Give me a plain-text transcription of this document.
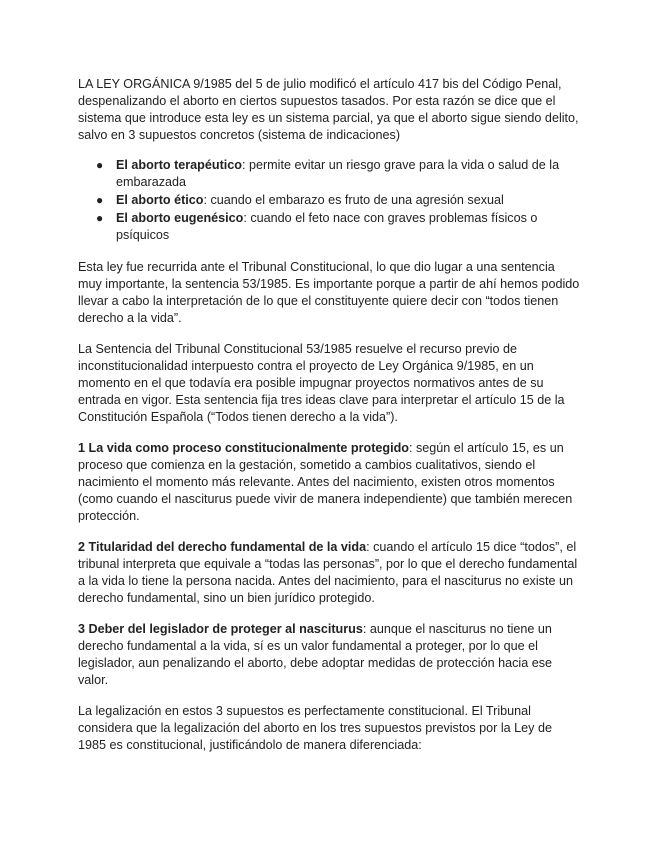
LA LEY ORGÁNICA 9/1985 del 5 de julio modificó el artículo 417 bis del Código Penal, despenalizando el aborto en ciertos supuestos tasados. Por esta razón se dice que el sistema que introduce esta ley es un sistema parcial, ya que el aborto sigue siendo delito, salvo en 3 supuestos concretos (sistema de indicaciones)

● El aborto terapéutico: permite evitar un riesgo grave para la vida o salud de la embarazada
● El aborto ético: cuando el embarazo es fruto de una agresión sexual
● El aborto eugenésico: cuando el feto nace con graves problemas físicos o psíquicos

Esta ley fue recurrida ante el Tribunal Constitucional, lo que dio lugar a una sentencia muy importante, la sentencia 53/1985. Es importante porque a partir de ahí hemos podido llevar a cabo la interpretación de lo que el constituyente quiere decir con “todos tienen derecho a la vida”.

La Sentencia del Tribunal Constitucional 53/1985 resuelve el recurso previo de inconstitucionalidad interpuesto contra el proyecto de Ley Orgánica 9/1985, en un momento en el que todavía era posible impugnar proyectos normativos antes de su entrada en vigor. Esta sentencia fija tres ideas clave para interpretar el artículo 15 de la Constitución Española (“Todos tienen derecho a la vida”).

1 La vida como proceso constitucionalmente protegido: según el artículo 15, es un proceso que comienza en la gestación, sometido a cambios cualitativos, siendo el nacimiento el momento más relevante. Antes del nacimiento, existen otros momentos (como cuando el nasciturus puede vivir de manera independiente) que también merecen protección.

2 Titularidad del derecho fundamental de la vida: cuando el artículo 15 dice “todos”, el tribunal interpreta que equivale a “todas las personas”, por lo que el derecho fundamental a la vida lo tiene la persona nacida. Antes del nacimiento, para el nasciturus no existe un derecho fundamental, sino un bien jurídico protegido.

3 Deber del legislador de proteger al nasciturus: aunque el nasciturus no tiene un derecho fundamental a la vida, sí es un valor fundamental a proteger, por lo que el legislador, aun penalizando el aborto, debe adoptar medidas de protección hacia ese valor.

La legalización en estos 3 supuestos es perfectamente constitucional. El Tribunal considera que la legalización del aborto en los tres supuestos previstos por la Ley de 1985 es constitucional, justificándolo de manera diferenciada:
